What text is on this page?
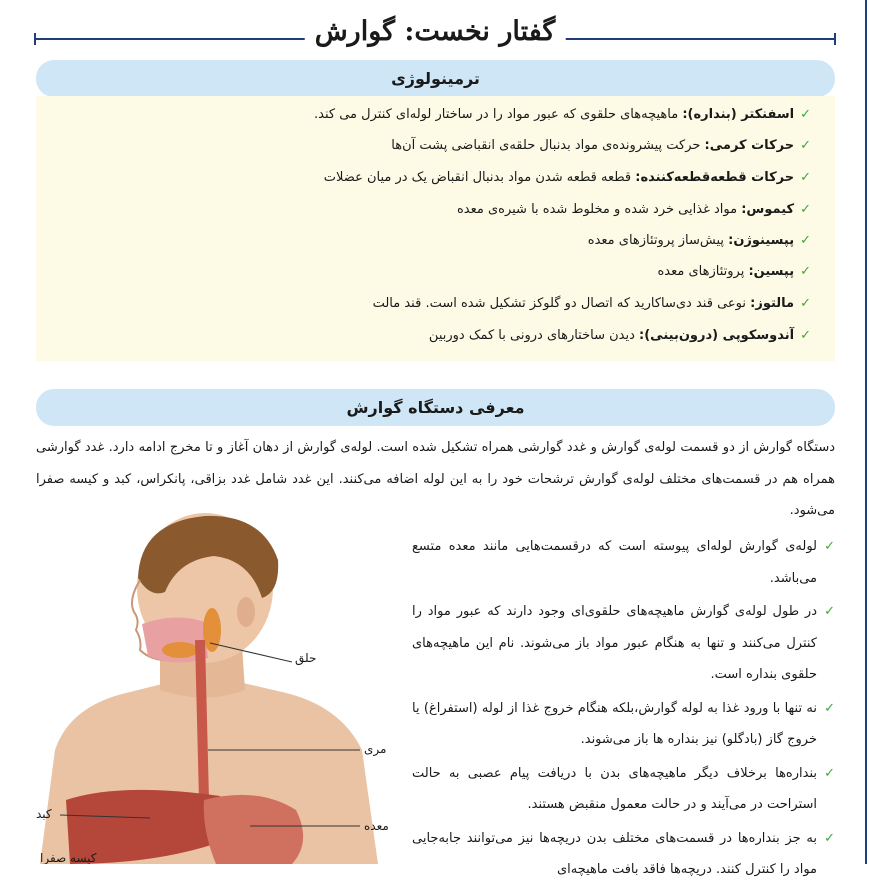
گفتار نخست: گوارش
ترمینولوژی
✓اسفنکتر (بنداره): ماهیچه‌های حلقوی که عبور مواد را در ساختار لوله‌ای کنترل می کند.
✓حرکات کرمی: حرکت پیشرونده‌ی مواد بدنبال حلقه‌ی انقباضی پشت آن‌ها
✓حرکات قطعه‌قطعه‌کننده: قطعه قطعه شدن مواد بدنبال انقباض یک در میان عضلات
✓کیموس: مواد غذایی خرد شده و مخلوط شده با شیره‌ی معده
✓پپسینوژن: پیش‌ساز پروتئازهای معده
✓پپسین: پروتئازهای معده
✓مالتوز: نوعی قند دی‌ساکارید که اتصال دو گلوکز تشکیل شده است. قند مالت
✓آندوسکوپی (درون‌بینی): دیدن ساختارهای درونی با کمک دوربین
معرفی دستگاه گوارش
دستگاه گوارش از دو قسمت لوله‌ی گوارش و غدد گوارشی همراه تشکیل شده است. لوله‌ی گوارش از دهان آغاز و تا مخرج ادامه دارد. غدد گوارشی همراه هم در قسمت‌های مختلف لوله‌ی گوارش ترشحات خود را به این لوله اضافه می‌کنند. این غدد شامل غدد بزاقی، پانکراس، کبد و کیسه صفرا می‌شود.
✓
لوله‌ی گوارش لوله‌ای پیوسته است که درقسمت‌هایی مانند معده متسع می‌باشد.
✓
در طول لوله‌ی گوارش ماهیچه‌های حلقوی‌ای وجود دارند که عبور مواد را کنترل می‌کنند و تنها به هنگام عبور مواد باز می‌شوند. نام این ماهیچه‌های حلقوی بنداره است.
✓
نه تنها با ورود غذا به لوله گوارش،بلکه هنگام خروج غذا از لوله (استفراغ) یا خروج گاز (بادگلو) نیز بنداره ها باز می‌شوند.
✓
بنداره‌ها برخلاف دیگر ماهیچه‌های بدن با دریافت پیام عصبی به حالت استراحت در می‌آیند و در حالت معمول منقبض هستند.
✓
به جز بنداره‌ها در قسمت‌های مختلف بدن دریچه‌ها نیز می‌توانند جابه‌جایی مواد را کنترل کنند. دریچه‌ها فاقد بافت ماهیچه‌ای
حلق
مری
کبد
معده
کیسه صفرا
